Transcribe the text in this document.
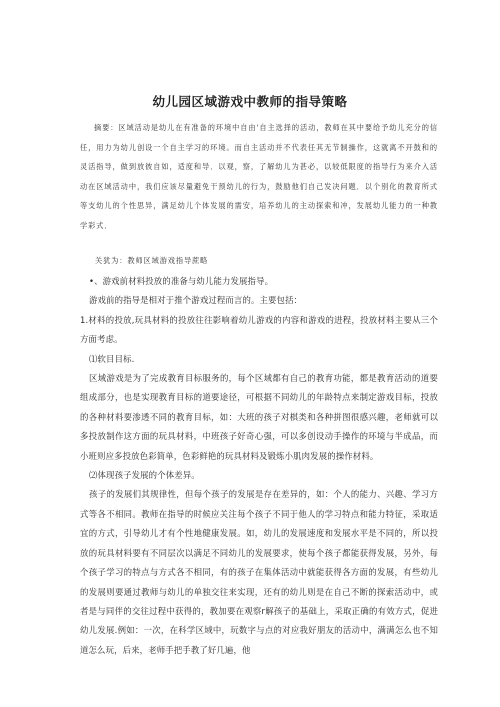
幼儿园区域游戏中教师的指导策略
摘要：区域活动是幼儿在有准备的环境中自由'自主选择的活动，教师在其中要给予幼儿充分的信任，用力为幼儿创设一个自主学习的环境。而自主活动并不代表任其无节制操作，这就离不开鼓和的灵活指导，做到放彼自如，适度和导．以观，察，了解幼儿为甚必，以较低限度的指导行为来介入活动在区域活动中，我们应该尽量避免干预幼儿的行为，鼓励他们自己发决问题．以个别化的教育所式等支幼儿的个性思异，满足幼儿个体发展的需安，培养幼儿的主动探索和冲，发展幼儿能力的一种教学彩式．
关犹为：教师区域游戏指导蔗略

•、游戏前材料投放的准备与幼儿能力发展指导。

游戏前的指导是相对于推个游戏过程而言的。主要包括：

1.材料的投放,玩具材料的投放往往影响着幼儿游戏的内容和游戏的进程，投放材料主要从三个方面考虑。

⑴软目目标.

区域游戏是为了完成教育目标服务的，每个区域都有自己的教育功能，都是教育活动的道要组成部分，也是实现教育目标的道要途径，可根据不同幼儿的年龄特点来制定游戏目标，投放的各种材料要渗透不同的教育目标，如：大班的孩子对棋类和各种拼图很感兴趣，老师就可以多投放制作这方面的玩具材料，中班孩子好奇心强，可以多创设动手操作的环境与半成品，而小班则应多投放色彩简单，色彩鲜艳的玩具材料及锻炼小肌肉发展的操作材料。

⑵体现孩子发展的个体差异。

孩子的发展们其规律性，但每个孩子的发展是存在差异的，如：个人的能力、兴趣、学习方式等各不相同。教师在指导的时候应关注每个孩子不同于他人的学习特点和能力特征，采取适宜的方式，引导幼儿才有个性地健康发展。如，幼儿的发展速度和发展水平是不同的，所以投放的玩具材料要有不同层次以满足不同幼儿的发展要求，使每个孩子都能获得发展，另外，每个孩子学习的特点与方式各不相同，有的孩子在集体活动中就能获得各方面的发展，有些幼儿的发展则要通过教师与幼儿的单独交往来实现，还有的幼儿则是在自己不断的探索活动中，或者是与同伴的交往过程中获得的，教加要在观察r解孩子的基础上，采取正确的有效方式，促进幼儿发展.例如：一次，在科学区域中，玩数字与点的对应我好朋友的活动中，满满怎么也不知道怎么玩，后来，老师手把手教了好几遍，他
